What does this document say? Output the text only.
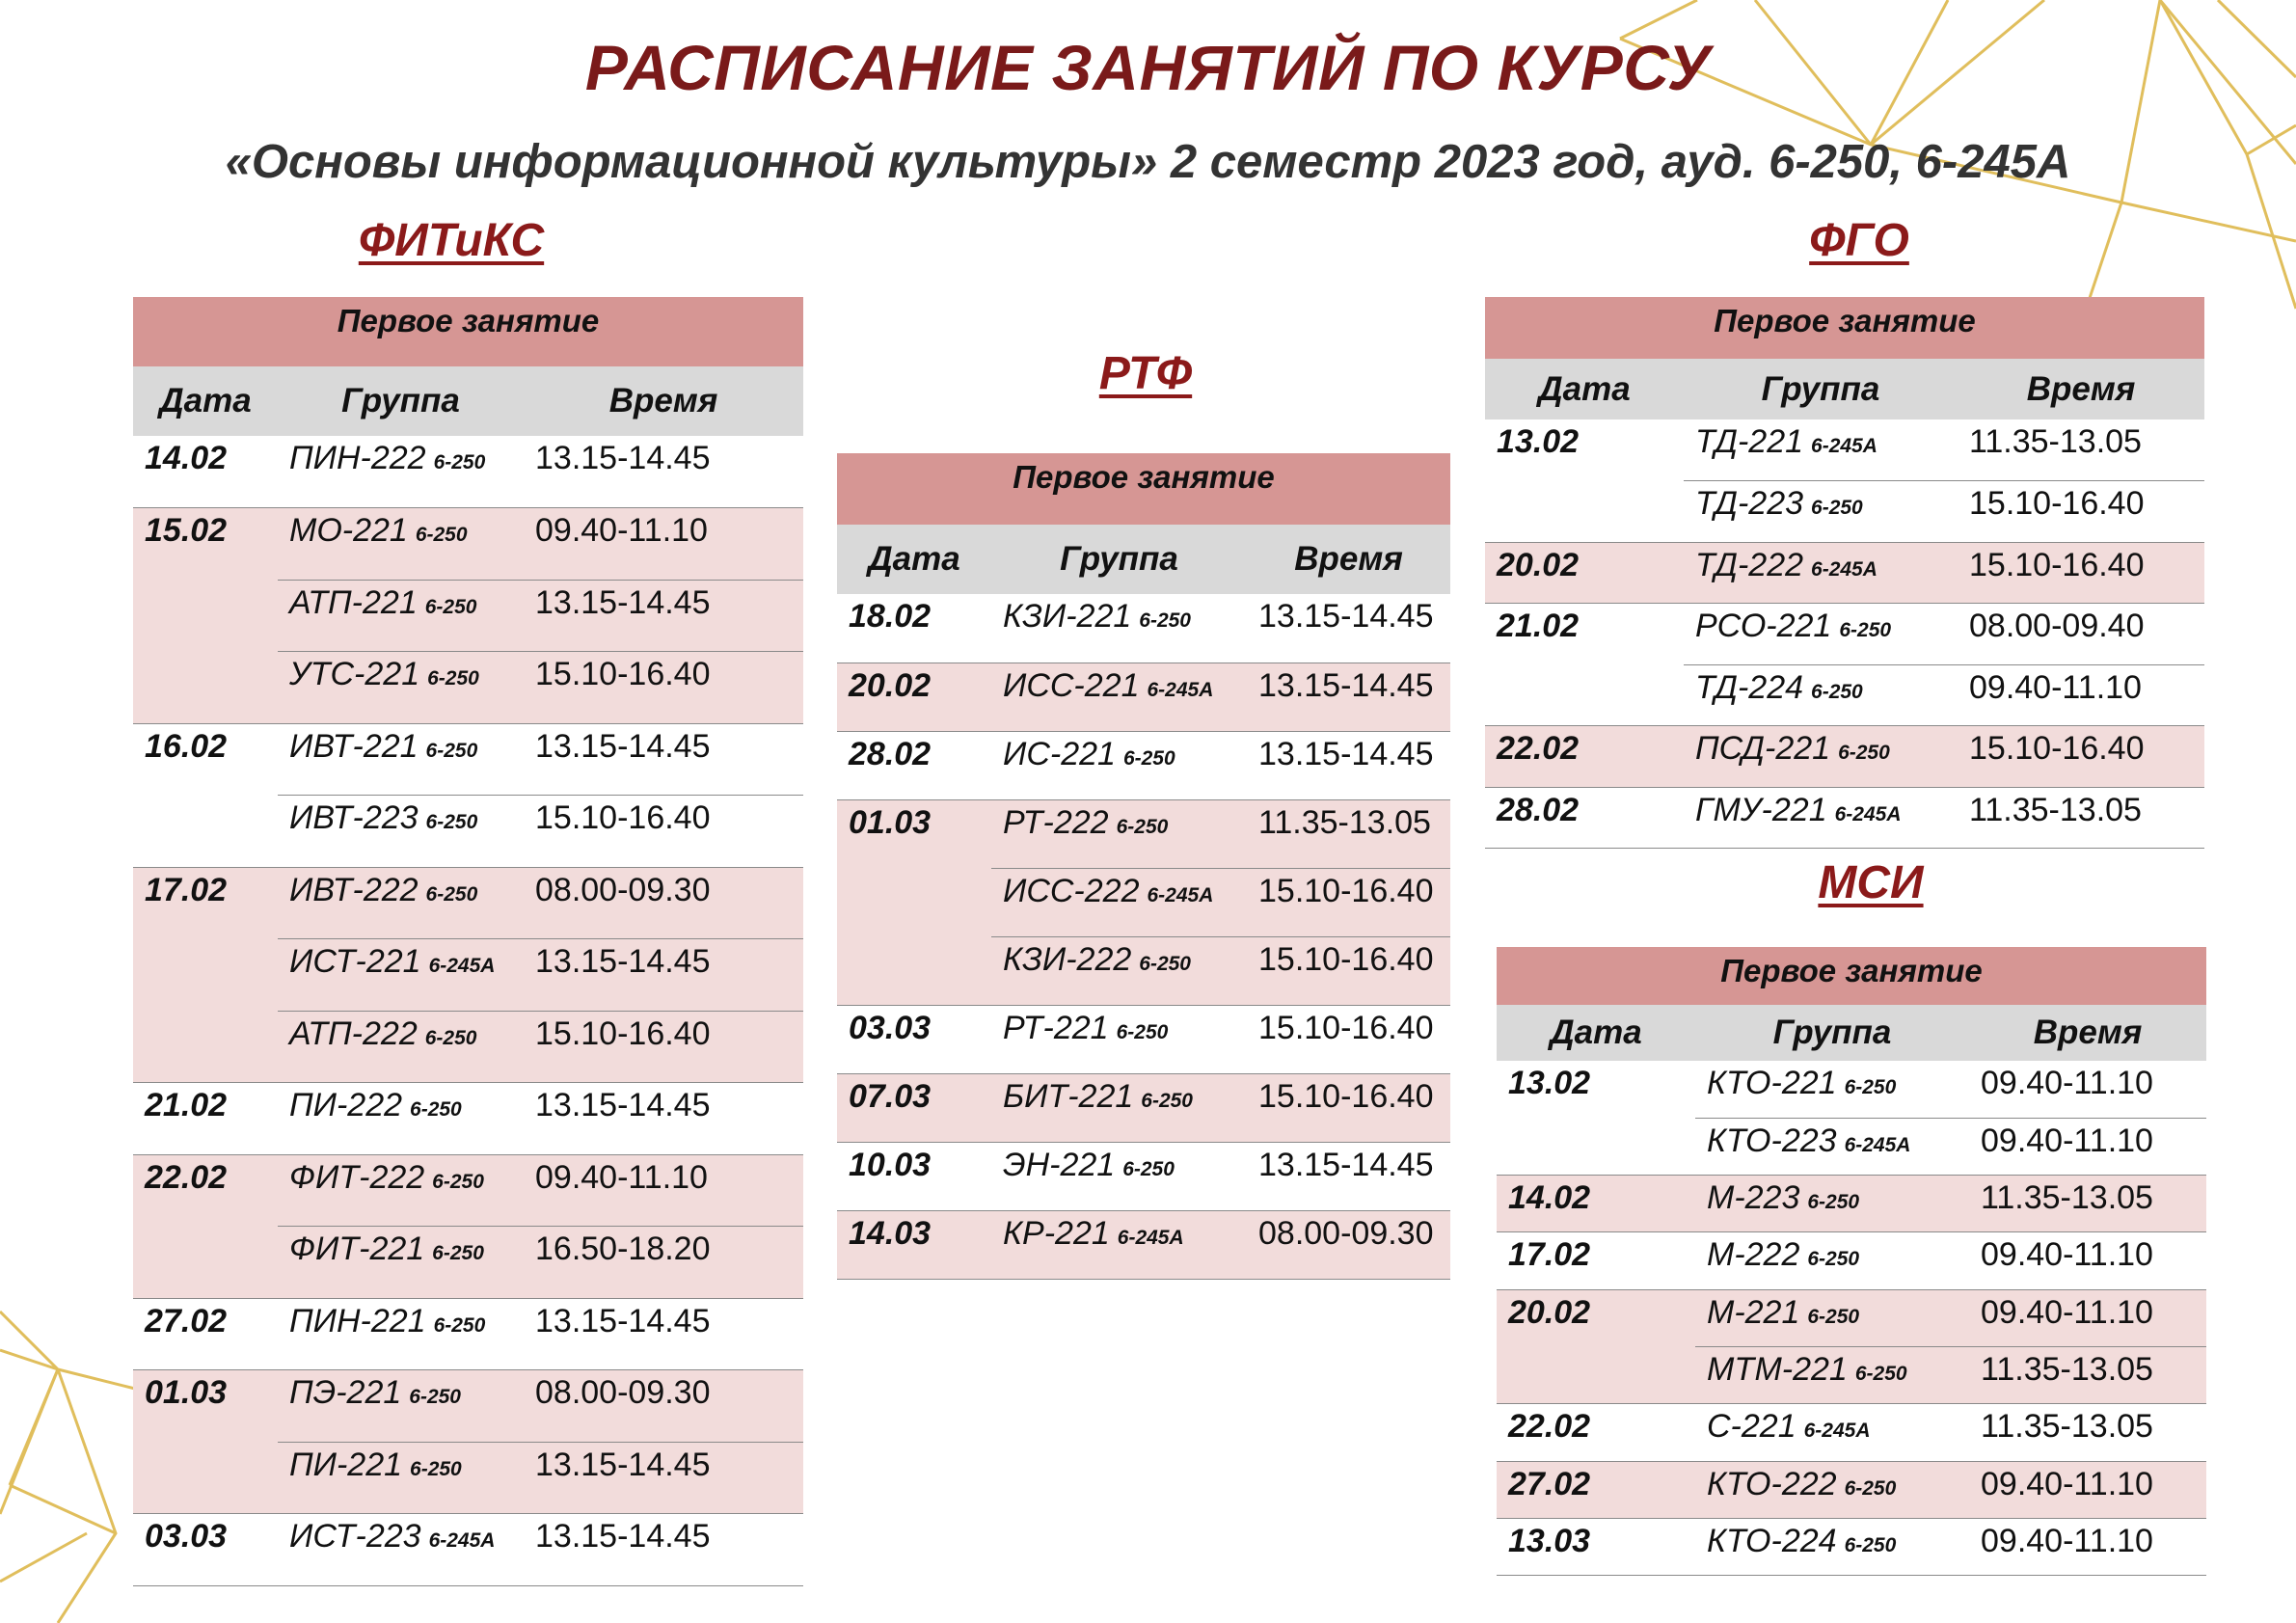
РАСПИСАНИЕ ЗАНЯТИЙ ПО КУРСУ
«Основы информационной культуры» 2 семестр 2023 год, ауд. 6-250, 6-245А
ФИТиКС
РТФ
ФГО
МСИ
Первое занятие		
Дата	Группа	Время
14.02	ПИН-222 6-250	13.15-14.45
15.02	МО-221 6-250	09.40-11.10
	АТП-221 6-250	13.15-14.45
	УТС-221 6-250	15.10-16.40
16.02	ИВТ-221 6-250	13.15-14.45
	ИВТ-223 6-250	15.10-16.40
17.02	ИВТ-222 6-250	08.00-09.30
	ИСТ-221 6-245А	13.15-14.45
	АТП-222 6-250	15.10-16.40
21.02	ПИ-222 6-250	13.15-14.45
22.02	ФИТ-222 6-250	09.40-11.10
	ФИТ-221 6-250	16.50-18.20
27.02	ПИН-221 6-250	13.15-14.45
01.03	ПЭ-221 6-250	08.00-09.30
	ПИ-221 6-250	13.15-14.45
03.03	ИСТ-223 6-245А	13.15-14.45
Первое занятие		
Дата	Группа	Время
18.02	КЗИ-221 6-250	13.15-14.45
20.02	ИСС-221 6-245А	13.15-14.45
28.02	ИС-221 6-250	13.15-14.45
01.03	РТ-222 6-250	11.35-13.05
	ИСС-222 6-245А	15.10-16.40
	КЗИ-222 6-250	15.10-16.40
03.03	РТ-221 6-250	15.10-16.40
07.03	БИТ-221 6-250	15.10-16.40
10.03	ЭН-221 6-250	13.15-14.45
14.03	КР-221 6-245А	08.00-09.30
Первое занятие		
Дата	Группа	Время
13.02	ТД-221 6-245А	11.35-13.05
	ТД-223 6-250	15.10-16.40
20.02	ТД-222 6-245А	15.10-16.40
21.02	РСО-221 6-250	08.00-09.40
	ТД-224 6-250	09.40-11.10
22.02	ПСД-221 6-250	15.10-16.40
28.02	ГМУ-221 6-245А	11.35-13.05
Первое занятие		
Дата	Группа	Время
13.02	КТО-221 6-250	09.40-11.10
	КТО-223 6-245А	09.40-11.10
14.02	М-223 6-250	11.35-13.05
17.02	М-222 6-250	09.40-11.10
20.02	М-221 6-250	09.40-11.10
	МТМ-221 6-250	11.35-13.05
22.02	С-221 6-245А	11.35-13.05
27.02	КТО-222 6-250	09.40-11.10
13.03	КТО-224 6-250	09.40-11.10
